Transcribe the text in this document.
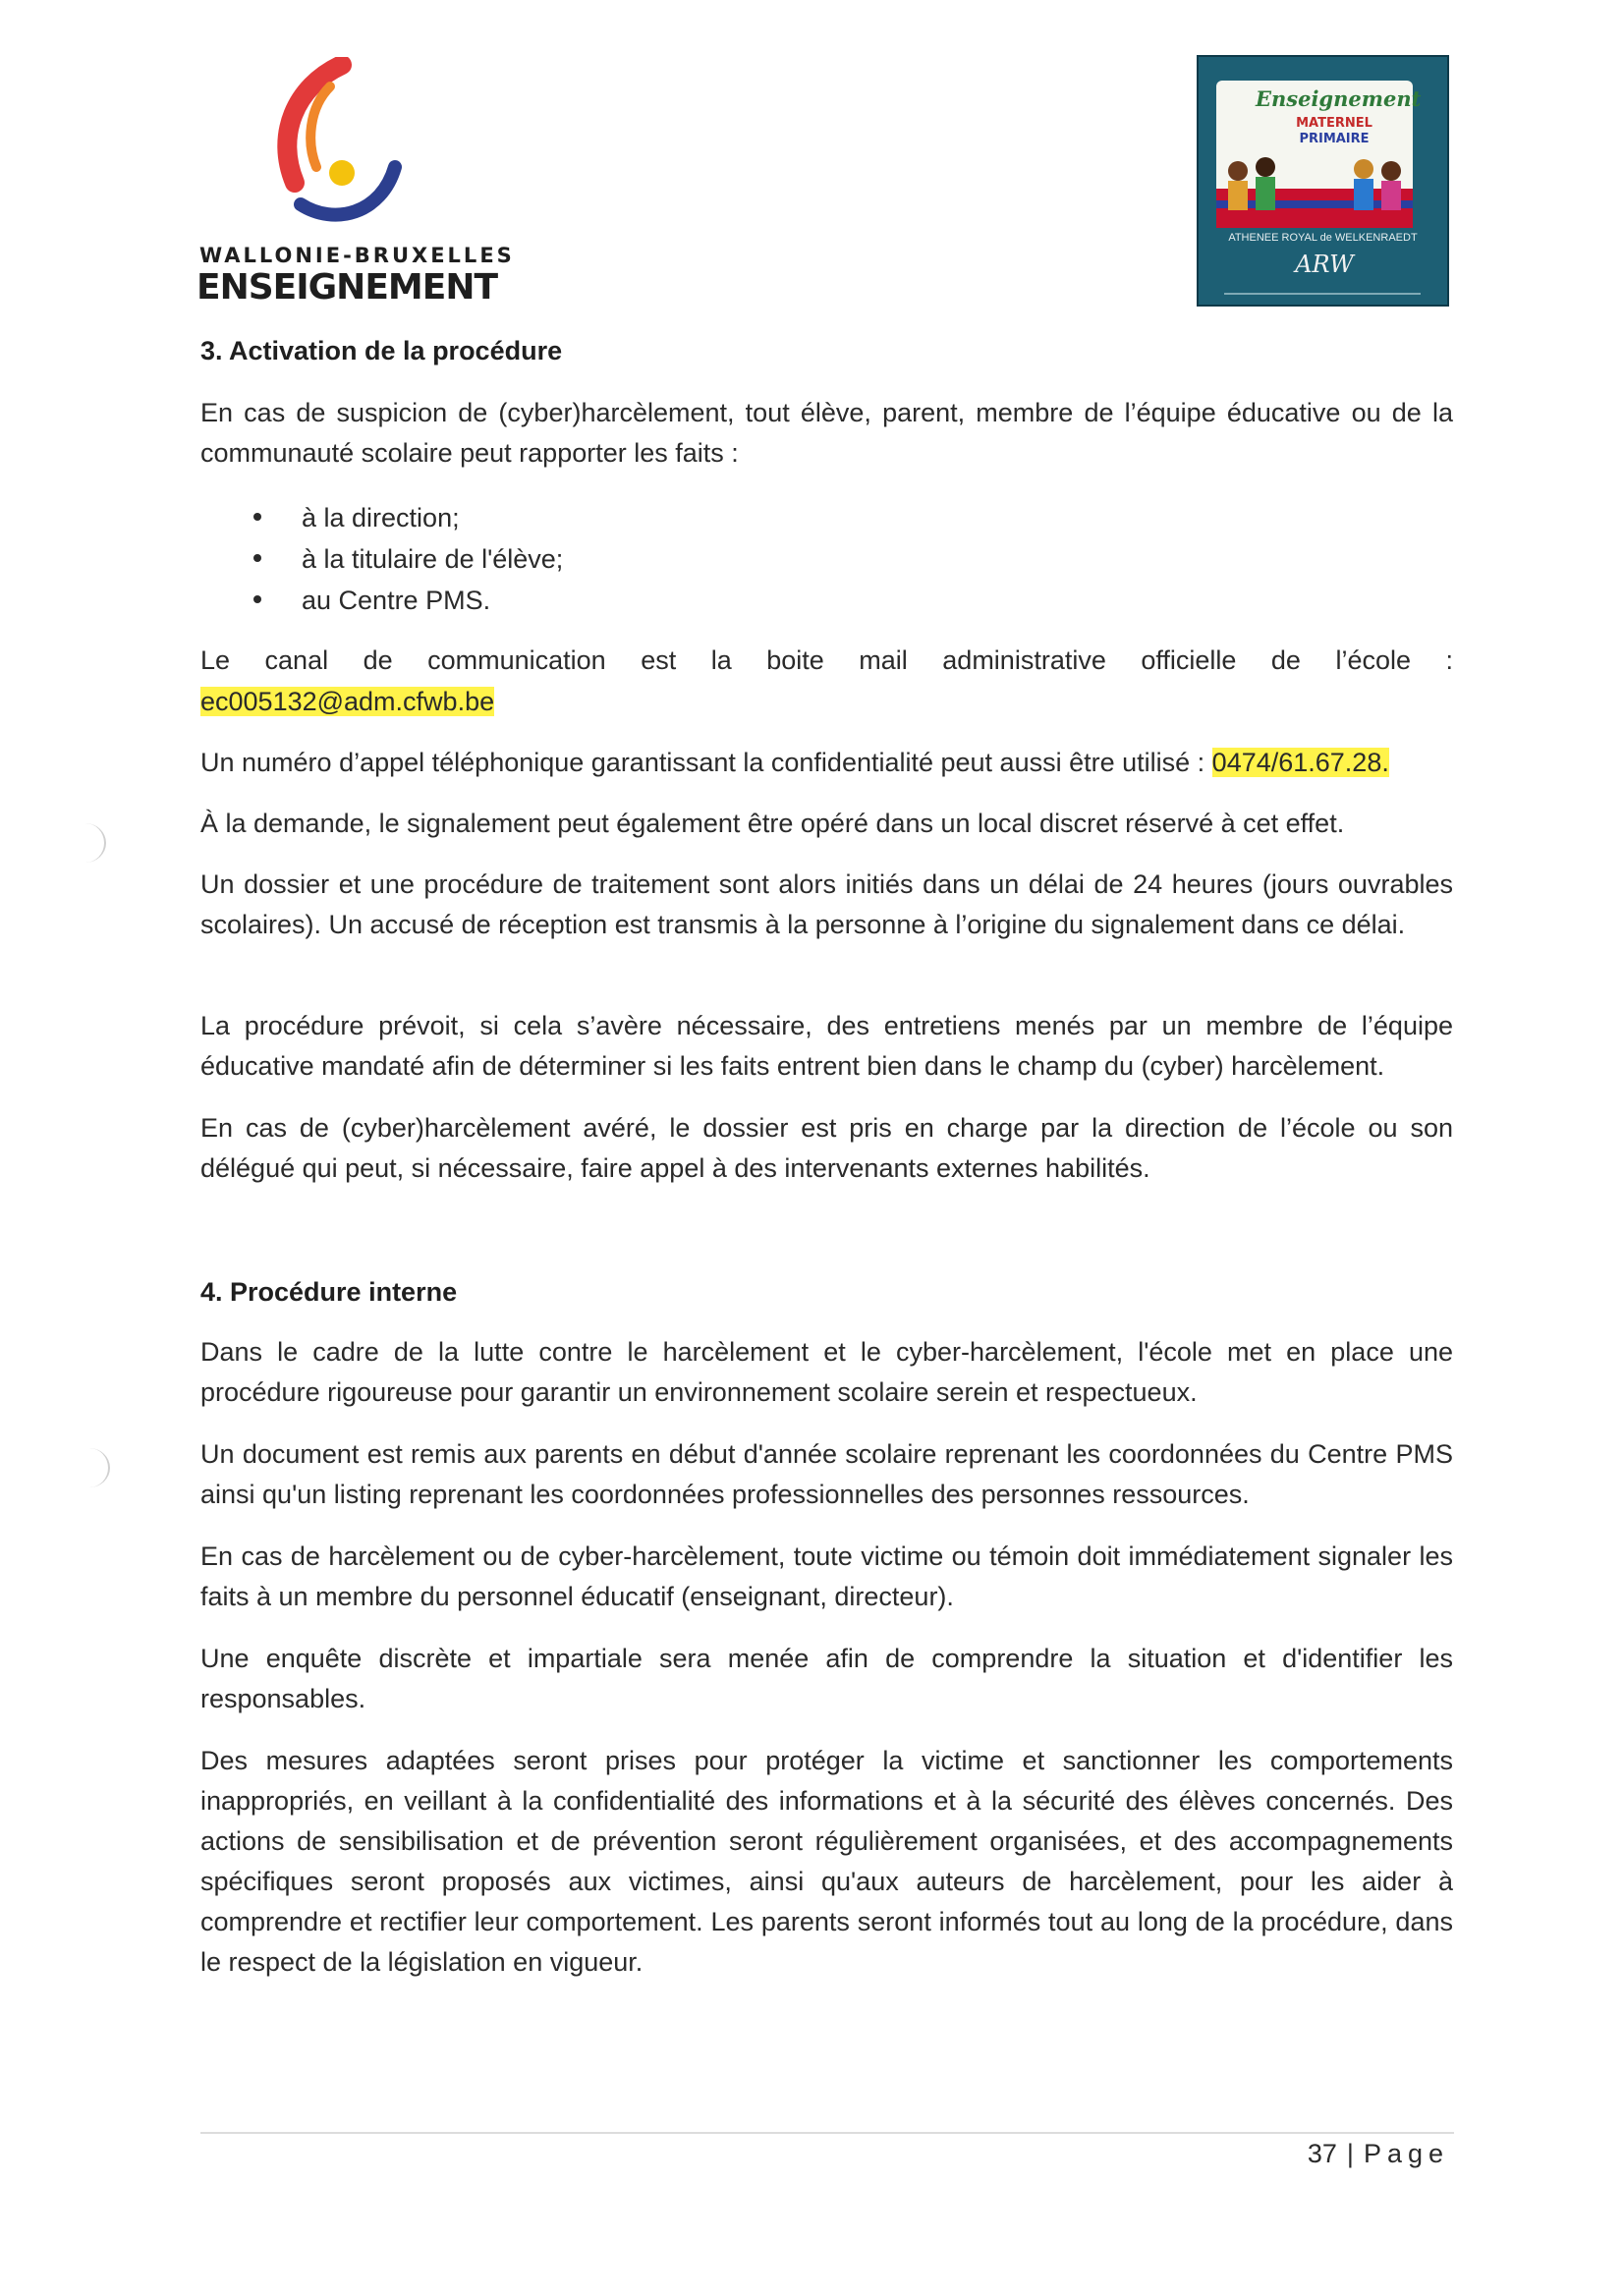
WALLONIE-BRUXELLES
ENSEIGNEMENT
Enseignement
MATERNEL
PRIMAIRE
ATHENEE ROYAL de WELKENRAEDT
ARW
3. Activation de la procédure
En cas de suspicion de (cyber)harcèlement, tout élève, parent, membre de l’équipe éducative ou de la communauté scolaire peut rapporter les faits :
à la direction;
à la titulaire de l'élève;
au Centre PMS.
Le canal de communication est la boite mail administrative officielle de l’école :
ec005132@adm.cfwb.be
Un numéro d’appel téléphonique garantissant la confidentialité peut aussi être utilisé : 0474/61.67.28.
À la demande, le signalement peut également être opéré dans un local discret réservé à cet effet.
Un dossier et une procédure de traitement sont alors initiés dans un délai de 24 heures (jours ouvrables scolaires). Un accusé de réception est transmis à la personne à l’origine du signalement dans ce délai.
La procédure prévoit, si cela s’avère nécessaire, des entretiens menés par un membre de l’équipe éducative mandaté afin de déterminer si les faits entrent bien dans le champ du (cyber) harcèlement.
En cas de (cyber)harcèlement avéré, le dossier est pris en charge par la direction de l’école ou son délégué qui peut, si nécessaire, faire appel à des intervenants externes habilités.
4. Procédure interne
Dans le cadre de la lutte contre le harcèlement et le cyber-harcèlement, l'école met en place une procédure rigoureuse pour garantir un environnement scolaire serein et respectueux.
Un document est remis aux parents en début d'année scolaire reprenant les coordonnées du Centre PMS ainsi qu'un listing reprenant les coordonnées professionnelles des personnes ressources.
En cas de harcèlement ou de cyber-harcèlement, toute victime ou témoin doit immédiatement signaler les faits à un membre du personnel éducatif (enseignant, directeur).
Une enquête discrète et impartiale sera menée afin de comprendre la situation et d'identifier les responsables.
Des mesures adaptées seront prises pour protéger la victime et sanctionner les comportements inappropriés, en veillant à la confidentialité des informations et à la sécurité des élèves concernés. Des actions de sensibilisation et de prévention seront régulièrement organisées, et des accompagnements spécifiques seront proposés aux victimes, ainsi qu'aux auteurs de harcèlement, pour les aider à comprendre et rectifier leur comportement. Les parents seront informés tout au long de la procédure, dans le respect de la législation en vigueur.
37 | Page
